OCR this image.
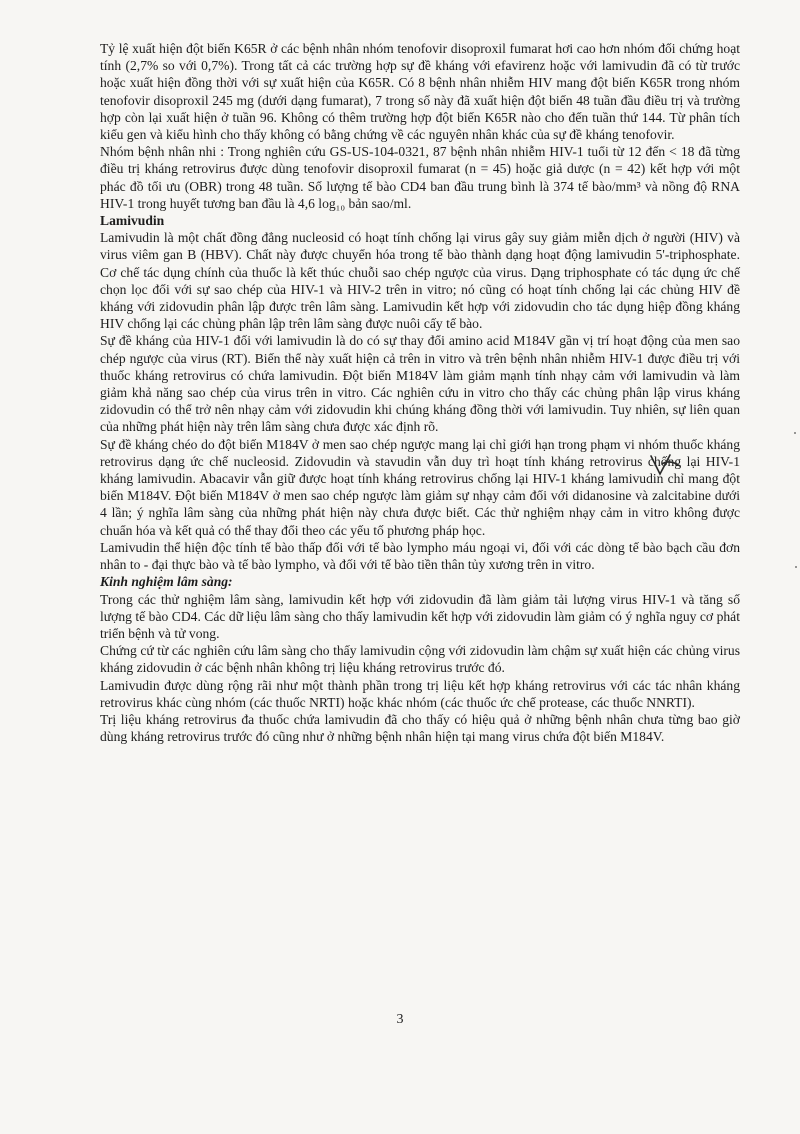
Tỷ lệ xuất hiện đột biến K65R ở các bệnh nhân nhóm tenofovir disoproxil fumarat hơi cao hơn nhóm đối chứng hoạt tính (2,7% so với 0,7%). Trong tất cả các trường hợp sự đề kháng với efavirenz hoặc với lamivudin đã có từ trước hoặc xuất hiện đồng thời với sự xuất hiện của K65R. Có 8 bệnh nhân nhiễm HIV mang đột biến K65R trong nhóm tenofovir disoproxil 245 mg (dưới dạng fumarat), 7 trong số này đã xuất hiện đột biến 48 tuần đầu điều trị và trường hợp còn lại xuất hiện ở tuần 96. Không có thêm trường hợp đột biến K65R nào cho đến tuần thứ 144. Từ phân tích kiểu gen và kiểu hình cho thấy không có bằng chứng về các nguyên nhân khác của sự đề kháng tenofovir.

Nhóm bệnh nhân nhi : Trong nghiên cứu GS-US-104-0321, 87 bệnh nhân nhiễm HIV-1 tuổi từ 12 đến < 18 đã từng điều trị kháng retrovirus được dùng tenofovir disoproxil fumarat (n = 45) hoặc giả dược (n = 42) kết hợp với một phác đồ tối ưu (OBR) trong 48 tuần. Số lượng tế bào CD4 ban đầu trung bình là 374 tế bào/mm³ và nồng độ RNA HIV-1 trong huyết tương ban đầu là 4,6 log₁₀ bản sao/ml.

Lamivudin

Lamivudin là một chất đồng đẳng nucleosid có hoạt tính chống lại virus gây suy giảm miễn dịch ở người (HIV) và virus viêm gan B (HBV). Chất này được chuyển hóa trong tế bào thành dạng hoạt động lamivudin 5'-triphosphate. Cơ chế tác dụng chính của thuốc là kết thúc chuỗi sao chép ngược của virus. Dạng triphosphate có tác dụng ức chế chọn lọc đối với sự sao chép của HIV-1 và HIV-2 trên in vitro; nó cũng có hoạt tính chống lại các chủng HIV đề kháng với zidovudin phân lập được trên lâm sàng. Lamivudin kết hợp với zidovudin cho tác dụng hiệp đồng kháng HIV chống lại các chủng phân lập trên lâm sàng được nuôi cấy tế bào.

Sự đề kháng của HIV-1 đối với lamivudin là do có sự thay đổi amino acid M184V gần vị trí hoạt động của men sao chép ngược của virus (RT). Biến thể này xuất hiện cả trên in vitro và trên bệnh nhân nhiễm HIV-1 được điều trị với thuốc kháng retrovirus có chứa lamivudin. Đột biến M184V làm giảm mạnh tính nhạy cảm với lamivudin và làm giảm khả năng sao chép của virus trên in vitro. Các nghiên cứu in vitro cho thấy các chủng phân lập virus kháng zidovudin có thể trở nên nhạy cảm với zidovudin khi chúng kháng đồng thời với lamivudin. Tuy nhiên, sự liên quan của những phát hiện này trên lâm sàng chưa được xác định rõ.

Sự đề kháng chéo do đột biến M184V ở men sao chép ngược mang lại chỉ giới hạn trong phạm vi nhóm thuốc kháng retrovirus dạng ức chế nucleosid. Zidovudin và stavudin vẫn duy trì hoạt tính kháng retrovirus chống lại HIV-1 kháng lamivudin. Abacavir vẫn giữ được hoạt tính kháng retrovirus chống lại HIV-1 kháng lamivudin chỉ mang đột biến M184V. Đột biến M184V ở men sao chép ngược làm giảm sự nhạy cảm đối với didanosine và zalcitabine dưới 4 lần; ý nghĩa lâm sàng của những phát hiện này chưa được biết. Các thử nghiệm nhạy cảm in vitro không được chuẩn hóa và kết quả có thể thay đổi theo các yếu tố phương pháp học.

Lamivudin thể hiện độc tính tế bào thấp đối với tế bào lympho máu ngoại vi, đối với các dòng tế bào bạch cầu đơn nhân to - đại thực bào và tế bào lympho, và đối với tế bào tiền thân tủy xương trên in vitro.

Kinh nghiệm lâm sàng:

Trong các thử nghiệm lâm sàng, lamivudin kết hợp với zidovudin đã làm giảm tải lượng virus HIV-1 và tăng số lượng tế bào CD4. Các dữ liệu lâm sàng cho thấy lamivudin kết hợp với zidovudin làm giảm có ý nghĩa nguy cơ phát triển bệnh và tử vong.

Chứng cứ từ các nghiên cứu lâm sàng cho thấy lamivudin cộng với zidovudin làm chậm sự xuất hiện các chủng virus kháng zidovudin ở các bệnh nhân không trị liệu kháng retrovirus trước đó.

Lamivudin được dùng rộng rãi như một thành phần trong trị liệu kết hợp kháng retrovirus với các tác nhân kháng retrovirus khác cùng nhóm (các thuốc NRTI) hoặc khác nhóm (các thuốc ức chế protease, các thuốc NNRTI).

Trị liệu kháng retrovirus đa thuốc chứa lamivudin đã cho thấy có hiệu quả ở những bệnh nhân chưa từng bao giờ dùng kháng retrovirus trước đó cũng như ở những bệnh nhân hiện tại mang virus chứa đột biến M184V.

3
